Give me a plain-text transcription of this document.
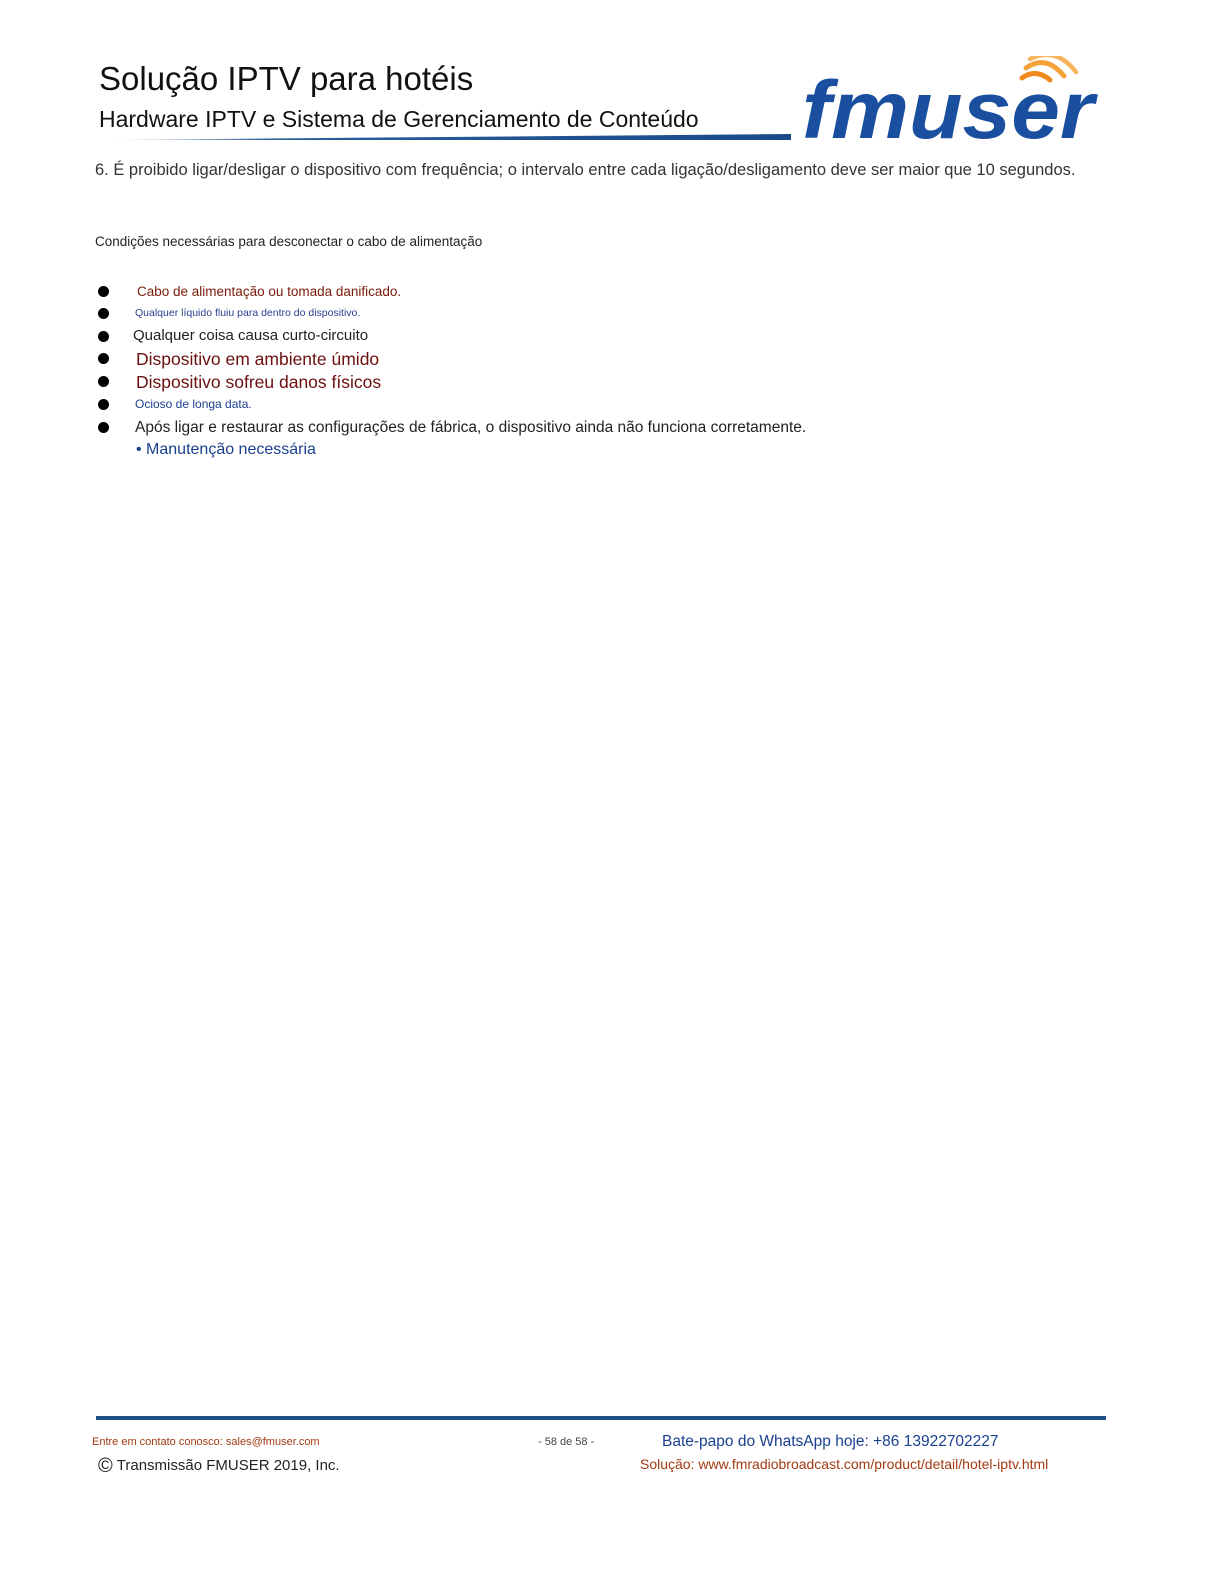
Solução IPTV para hotéis
Hardware IPTV e Sistema de Gerenciamento de Conteúdo fmuser
6. É proibido ligar/desligar o dispositivo com frequência; o intervalo entre cada ligação/desligamento deve ser maior que 10 segundos.
Condições necessárias para desconectar o cabo de alimentação
Cabo de alimentação ou tomada danificado.
Qualquer líquido fluiu para dentro do dispositivo.
Qualquer coisa causa curto-circuito
Dispositivo em ambiente úmido
Dispositivo sofreu danos físicos
Ocioso de longa data.
Após ligar e restaurar as configurações de fábrica, o dispositivo ainda não funciona corretamente.
• Manutenção necessária
Entre em contato conosco: sales@fmuser.com
© Transmissão FMUSER 2019, Inc.
- 58 de 58 -	Bate-papo do WhatsApp hoje: +86 13922702227
Solução: www.fmradiobroadcast.com/product/detail/hotel-iptv.html
